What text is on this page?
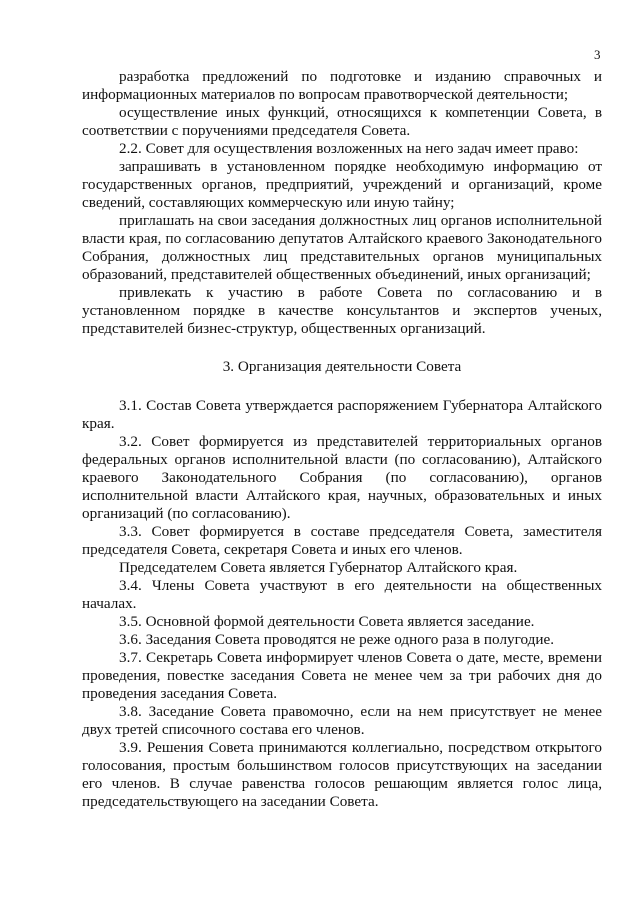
3

разработка предложений по подготовке и изданию справочных и информационных материалов по вопросам правотворческой деятельности;

осуществление иных функций, относящихся к компетенции Совета, в соответствии с поручениями председателя Совета.

2.2. Совет для осуществления возложенных на него задач имеет право:

запрашивать в установленном порядке необходимую информацию от государственных органов, предприятий, учреждений и организаций, кроме сведений, составляющих коммерческую или иную тайну;

приглашать на свои заседания должностных лиц органов исполнительной власти края, по согласованию депутатов Алтайского краевого Законодательного Собрания, должностных лиц представительных органов муниципальных образований, представителей общественных объединений, иных организаций;

привлекать к участию в работе Совета по согласованию и в установленном порядке в качестве консультантов и экспертов ученых, представителей бизнес-структур, общественных организаций.

3. Организация деятельности Совета

3.1. Состав Совета утверждается распоряжением Губернатора Алтайского края.

3.2. Совет формируется из представителей территориальных органов федеральных органов исполнительной власти (по согласованию), Алтайского краевого Законодательного Собрания (по согласованию), органов исполнительной власти Алтайского края, научных, образовательных и иных организаций (по согласованию).

3.3. Совет формируется в составе председателя Совета, заместителя председателя Совета, секретаря Совета и иных его членов.

Председателем Совета является Губернатор Алтайского края.

3.4. Члены Совета участвуют в его деятельности на общественных началах.

3.5. Основной формой деятельности Совета является заседание.

3.6. Заседания Совета проводятся не реже одного раза в полугодие.

3.7. Секретарь Совета информирует членов Совета о дате, месте, времени проведения, повестке заседания Совета не менее чем за три рабочих дня до проведения заседания Совета.

3.8. Заседание Совета правомочно, если на нем присутствует не менее двух третей списочного состава его членов.

3.9. Решения Совета принимаются коллегиально, посредством открытого голосования, простым большинством голосов присутствующих на заседании его членов. В случае равенства голосов решающим является голос лица, председательствующего на заседании Совета.
